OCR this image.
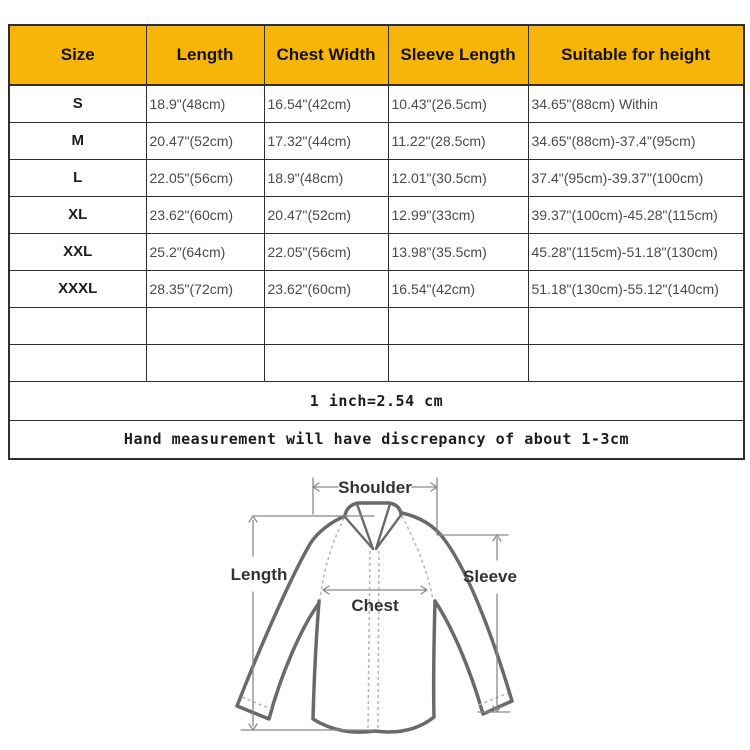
Size	Length	Chest Width	Sleeve Length	Suitable for height
S	18.9"(48cm)	16.54"(42cm)	10.43"(26.5cm)	34.65"(88cm) Within
M	20.47"(52cm)	17.32"(44cm)	11.22"(28.5cm)	34.65"(88cm)-37.4"(95cm)
L	22.05"(56cm)	18.9"(48cm)	12.01"(30.5cm)	37.4"(95cm)-39.37"(100cm)
XL	23.62"(60cm)	20.47"(52cm)	12.99"(33cm)	39.37"(100cm)-45.28"(115cm)
XXL	25.2"(64cm)	22.05"(56cm)	13.98"(35.5cm)	45.28"(115cm)-51.18"(130cm)
XXXL	28.35"(72cm)	23.62"(60cm)	16.54"(42cm)	51.18"(130cm)-55.12"(140cm)

1 inch=2.54 cm				
Hand measurement will have discrepancy of about 1-3cm				
Shoulder
Length	Sleeve
Chest
